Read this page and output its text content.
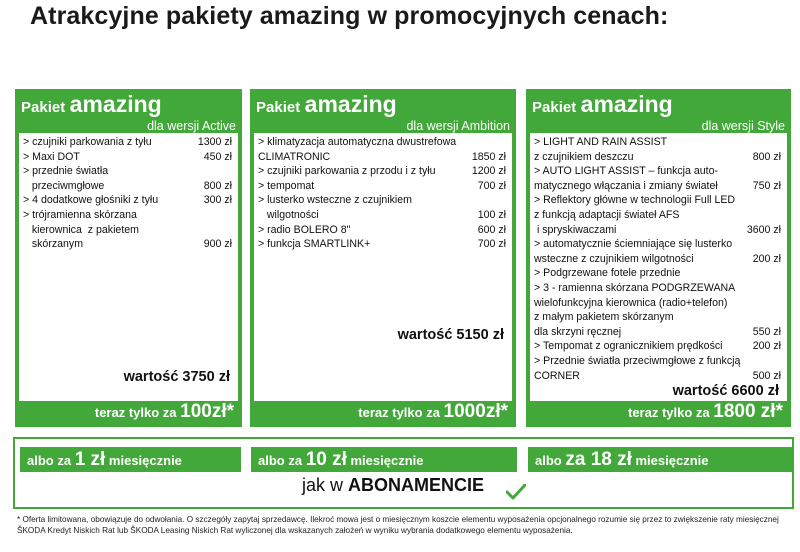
Atrakcyjne pakiety amazing w promocyjnych cenach:
Pakiet amazing
dla wersji Active
> czujniki parkowania z tyłu	1300 zł
> Maxi DOT	450 zł
> przednie światła
przeciwmgłowe	800 zł
> 4 dodatkowe głośniki z tyłu	300 zł
> trójramienna skórzana
kierownica  z pakietem
skórzanym	900 zł
wartość 3750 zł
teraz tylko za 100zł*
Pakiet amazing
dla wersji Ambition
> klimatyzacja automatyczna dwustrefowa
CLIMATRONIC	1850 zł
> czujniki parkowania z przodu i z tyłu	1200 zł
> tempomat	700 zł
> lusterko wsteczne z czujnikiem
wilgotności	100 zł
> radio BOLERO 8"	600 zł
> funkcja SMARTLINK+	700 zł
wartość 5150 zł
teraz tylko za 1000zł*
Pakiet amazing
dla wersji Style
> LIGHT AND RAIN ASSIST
z czujnikiem deszczu	800 zł
> AUTO LIGHT ASSIST – funkcja auto-
matycznego włączania i zmiany świateł	750 zł
> Reflektory główne w technologii Full LED
z funkcją adaptacji świateł AFS
i spryskiwaczami	3600 zł
> automatycznie ściemniające się lusterko
wsteczne z czujnikiem wilgotności	200 zł
> Podgrzewane fotele przednie
> 3 - ramienna skórzana PODGRZEWANA
wielofunkcyjna kierownica (radio+telefon)
z małym pakietem skórzanym
dla skrzyni ręcznej	550 zł
> Tempomat z ogranicznikiem prędkości	200 zł
> Przednie światła przeciwmgłowe z funkcją
CORNER	500 zł
wartość 6600 zł
teraz tylko za 1800 zł*
albo za 1 zł miesięcznie	albo za 10 zł miesięcznie	albo za 18 zł miesięcznie
jak w ABONAMENCIE
* Oferta limitowana, obowiązuje do odwołania. O szczegóły zapytaj sprzedawcę. Ilekroć mowa jest o miesięcznym koszcie elementu wyposażenia opcjonalnego rozumie się przez to zwiększenie raty miesięcznej ŠKODA Kredyt Niskich Rat lub ŠKODA Leasing Niskich Rat wyliczonej dla wskazanych założeń w wyniku wybrania dodatkowego elementu wyposażenia.
